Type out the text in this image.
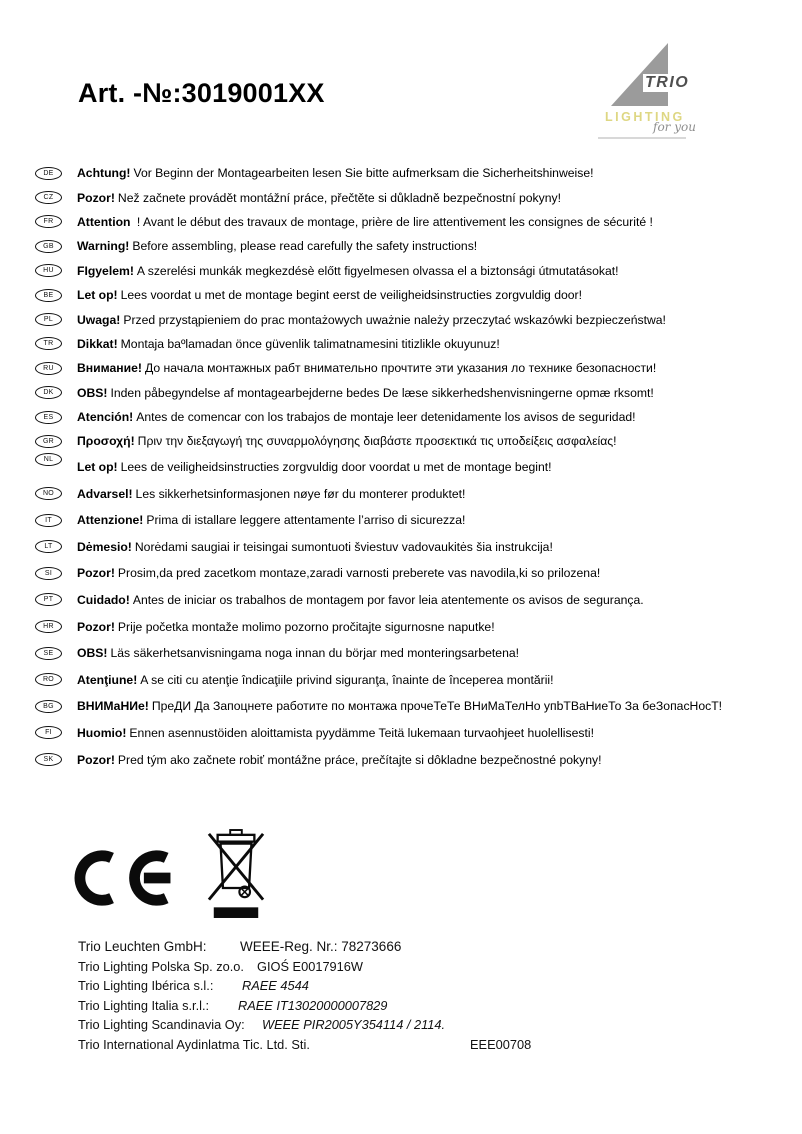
Art. -№:3019001XX	TRIO
LIGHTING
for you
DE Achtung! Vor Beginn der Montagearbeiten lesen Sie bitte aufmerksam die Sicherheitshinweise!
CZ Pozor! Než začnete provádět montážní práce, přečtěte si důkladně bezpečnostní pokyny!
FR Attention ! Avant le début des travaux de montage, prière de lire attentivement les consignes de sécurité !
GB Warning! Before assembling, please read carefully the safety instructions!
HU FIgyelem! A szerelési munkák megkezdésè előtt figyelmesen olvassa el a biztonsági útmutatásokat!
BE Let op! Lees voordat u met de montage begint eerst de veiligheidsinstructies zorgvuldig door!
PL Uwaga! Przed przystąpieniem do prac montażowych uważnie należy przeczytać wskazówki bezpieczeństwa!
TR Dikkat! Montaja baºlamadan önce güvenlik talimatnamesini titizlikle okuyunuz!
RU Внимание! До начала монтажных рабт внимательно прочтите эти указания ло технике безопасности!
DK OBS! Inden påbegyndelse af montagearbejderne bedes De læse sikkerhedshenvisningerne opmæ rksomt!
ES Atención! Antes de comencar con los trabajos de montaje leer detenidamente los avisos de seguridad!
GR Προσοχή! Πριν την διεξαγωγή της συναρμολόγησης διαβάστε προσεκτικά τις υποδείξεις ασφαλείας!
NL Let op! Lees de veiligheidsinstructies zorgvuldig door voordat u met de montage begint!
NO Advarsel! Les sikkerhetsinformasjonen nøye før du monterer produktet!
IT Attenzione! Prima di istallare leggere attentamente l’arriso di sicurezza!
LT Dėmesio! Norėdami saugiai ir teisingai sumontuoti šviestuv vadovaukitės šia instrukcija!
SI Pozor! Prosim,da pred zacetkom montaze,zaradi varnosti preberete vas navodila,ki so prilozena!
PT Cuidado! Antes de iniciar os trabalhos de montagem por favor leia atentemente os avisos de segurança.
HR Pozor! Prije početka montaže molimo pozorno pročitajte sigurnosne naputke!
SE OBS! Läs säkerhetsanvisningama noga innan du börjar med monteringsarbetena!
RO Atenţiune! A se citi cu atenţie îndicaţiile privind siguranţa, înainte de începerea montării!
BG ВНИМаНИе! ПреДИ Да Запоцнете работите по монтажа прочеТеТе ВНиМаТелНо упbТВаНиеТо За беЗопасНосТ!
FI Huomio! Ennen asennustöiden aloittamista pyydämme Teitä lukemaan turvaohjeet huolellisesti!
SK Pozor! Pred tým ako začnete robiť montážne práce, prečítajte si dôkladne bezpečnostné pokyny!
Trio Leuchten GmbH: WEEE-Reg. Nr.: 78273666
Trio Lighting Polska Sp. zo.o. GIOŚ E0017916W
Trio Lighting Ibérica s.l.: RAEE 4544
Trio Lighting Italia s.r.l.: RAEE IT13020000007829
Trio Lighting Scandinavia Oy: WEEE PIR2005Y354114 / 2114.
Trio International Aydinlatma Tic. Ltd. Sti.	EEE00708
